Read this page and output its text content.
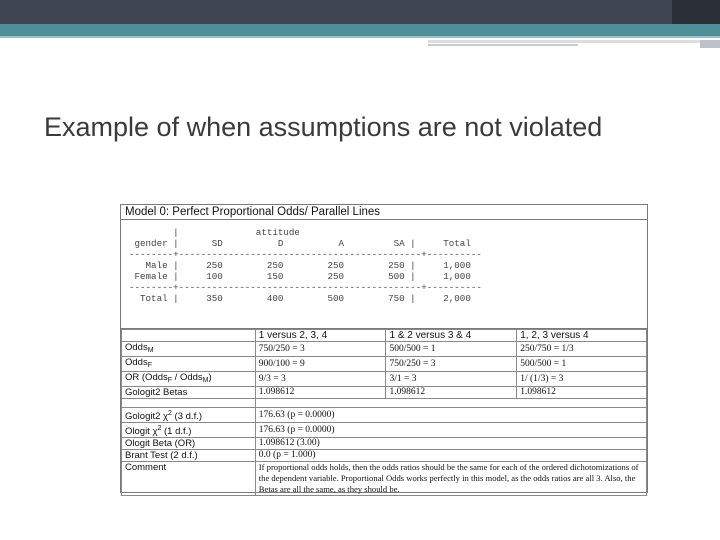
Example of when assumptions are not violated
Model 0: Perfect Proportional Odds/ Parallel Lines
|              attitude
gender |      SD          D          A         SA |     Total
--------+--------------------------------------------+----------
Male |     250        250        250        250 |     1,000
Female |     100        150        250        500 |     1,000
--------+--------------------------------------------+----------
Total |     350        400        500        750 |     2,000
	1 versus 2, 3, 4	1 & 2 versus 3 & 4	1, 2, 3 versus 4
Odds$_M$	750/250 = 3	500/500 = 1	250/750 = 1/3
Odds$_F$	900/100 = 9	750/250 = 3	500/500 = 1
OR (Odds$_F$ / Odds$_M$)	9/3 = 3	3/1 = 3	1/ (1/3) = 3
Gologit2 Betas	1.098612	1.098612	1.098612

Gologit2 $\chi^2$ (3 d.f.)	176.63 (p = 0.0000)		
Ologit $\chi^2$ (1 d.f.)	176.63 (p = 0.0000)		
Ologit Beta (OR)	1.098612 (3.00)		
Brant Test (2 d.f.)	0.0 (p = 1.000)		
Comment	If proportional odds holds, then the odds ratios should be the same for each of the ordered dichotomizations of the dependent variable. Proportional Odds works perfectly in this model, as the odds ratios are all 3. Also, the Betas are all the same, as they should be.		
